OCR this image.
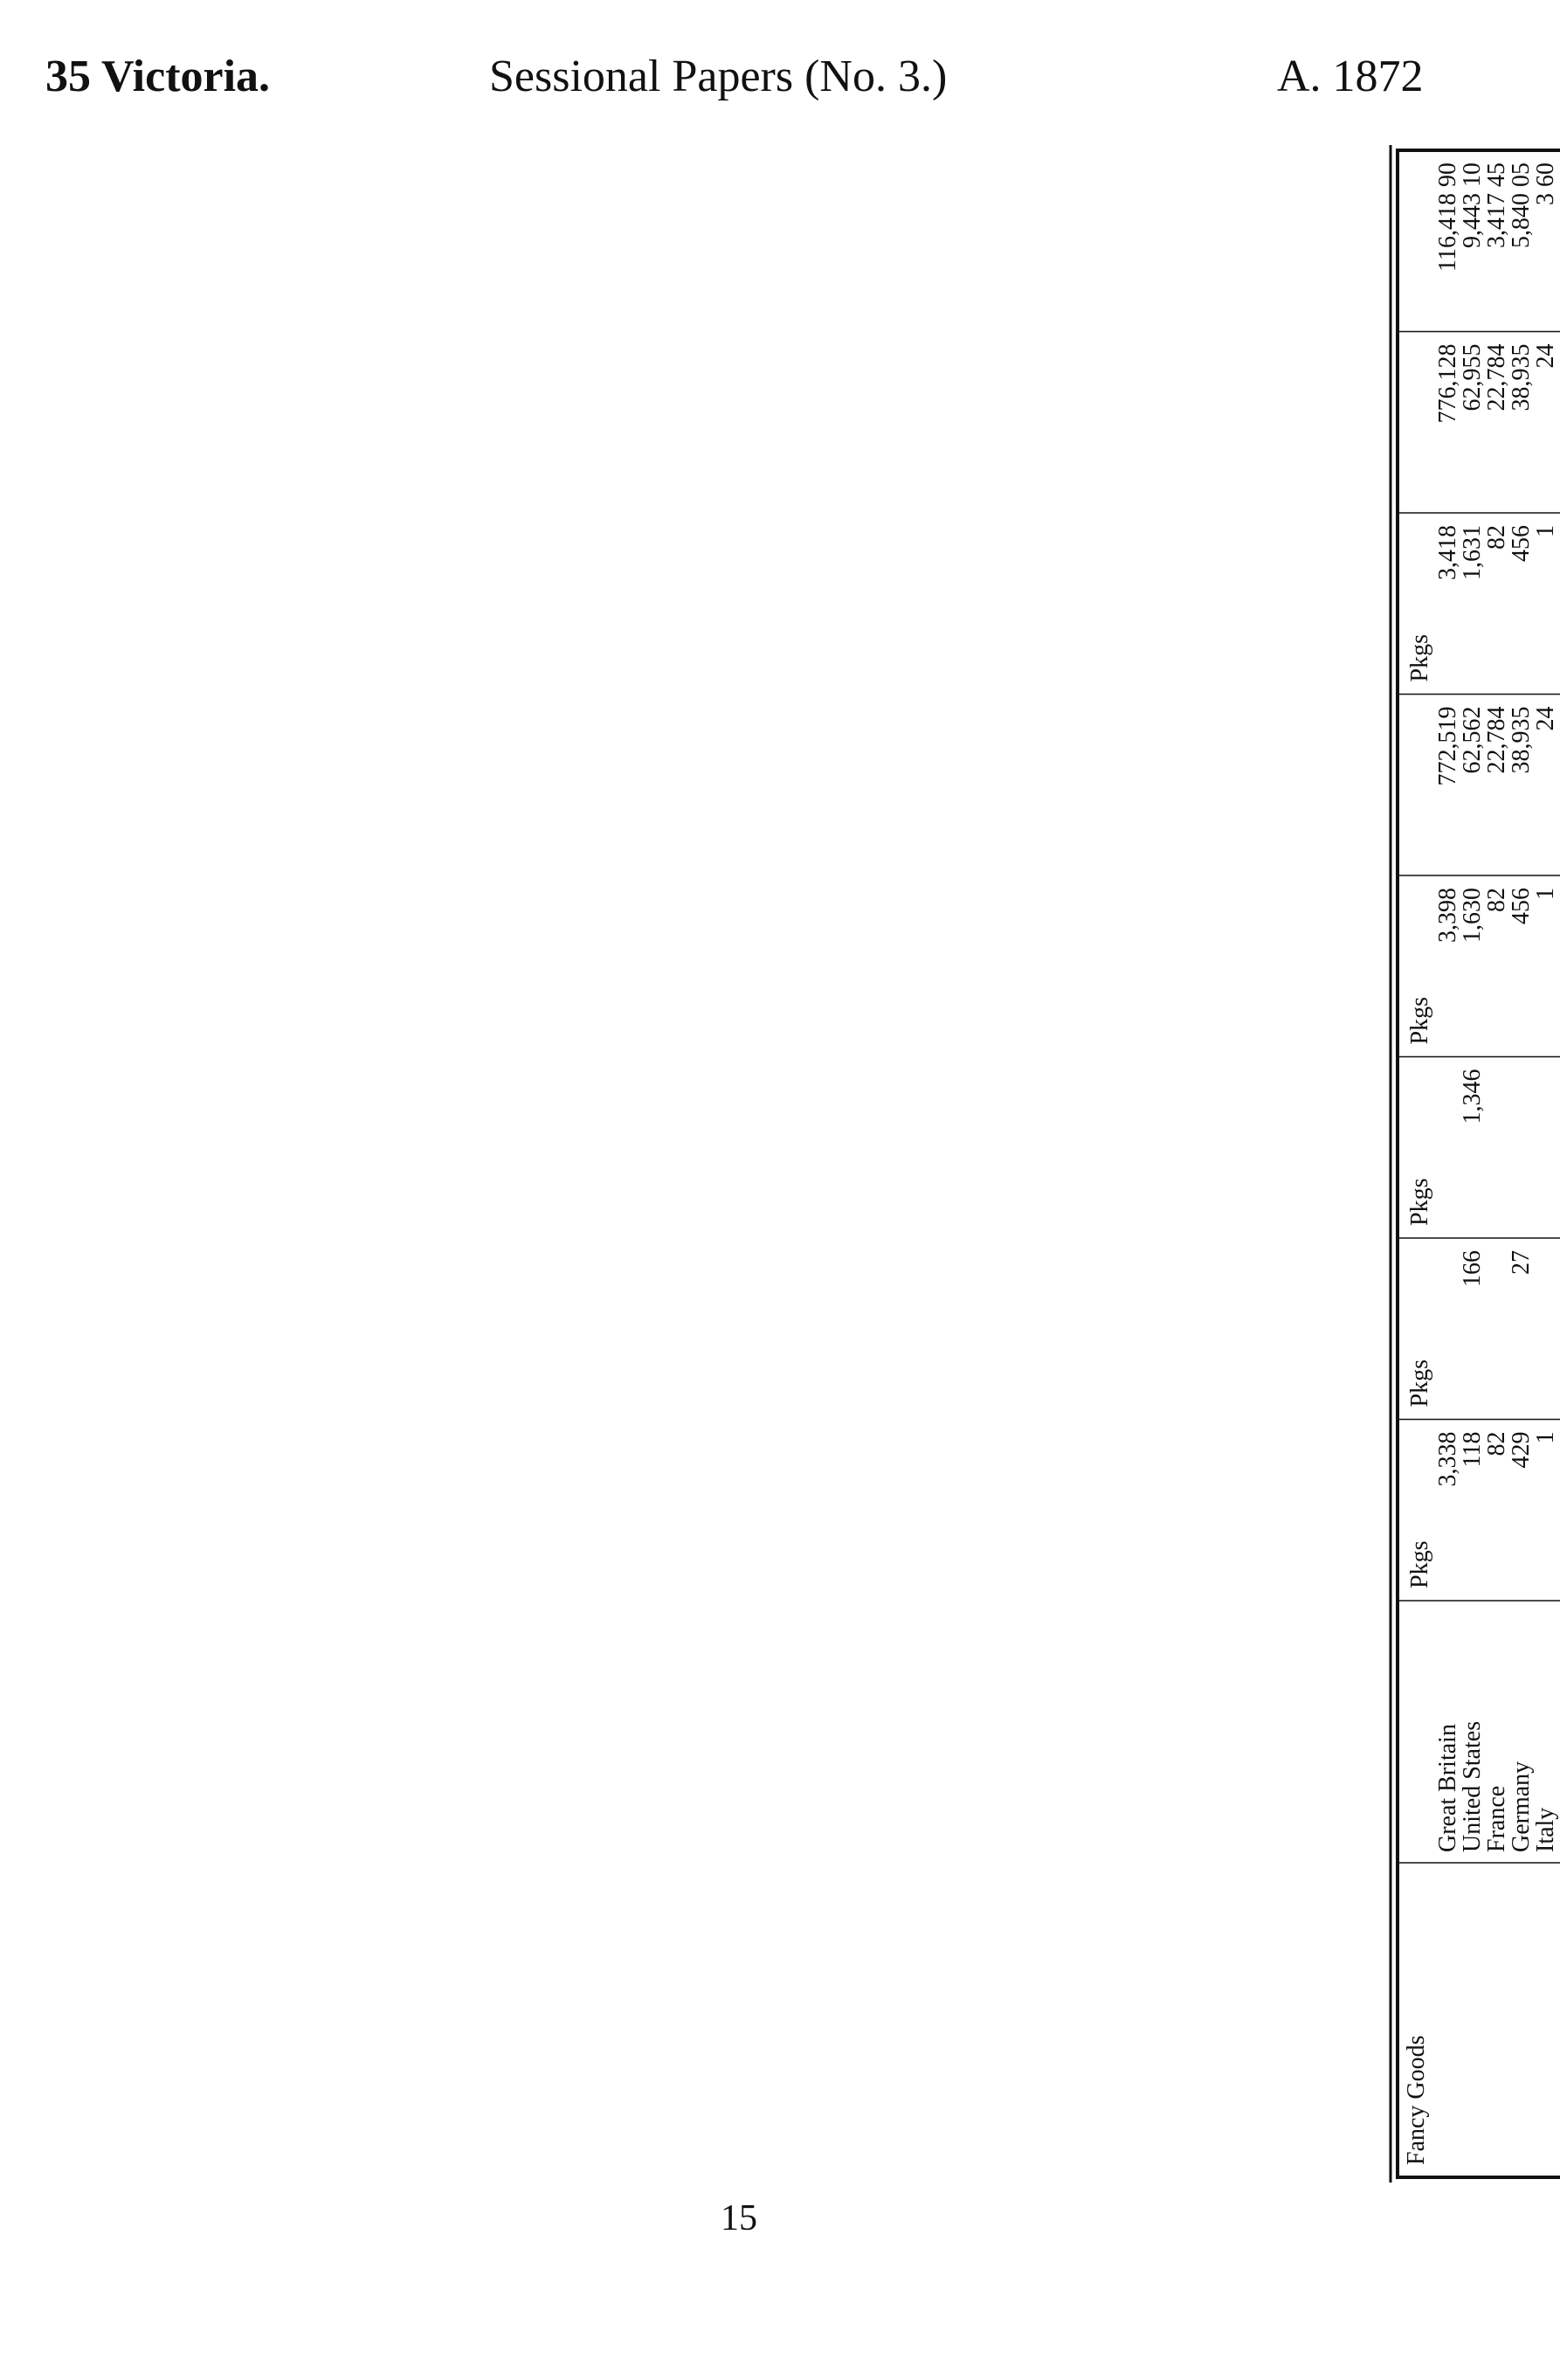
35 Victoria.	Sessional Papers (No. 3.)	A. 1872
Fancy Goods
Great Britain
United States
France
Germany
Italy
Pkgs
3,338
118
82
429
1
Pkgs
166 27
Pkgs
1,346
Pkgs
3,398
1,630
82
456
1
772,519
62,562
22,784
38,935
24
Pkgs
3,418
1,631
82
456
1
776,128
62,955
22,784
38,935
24
116,418 90
9,443 10
3,417 45
5,840 05
3 60
15
